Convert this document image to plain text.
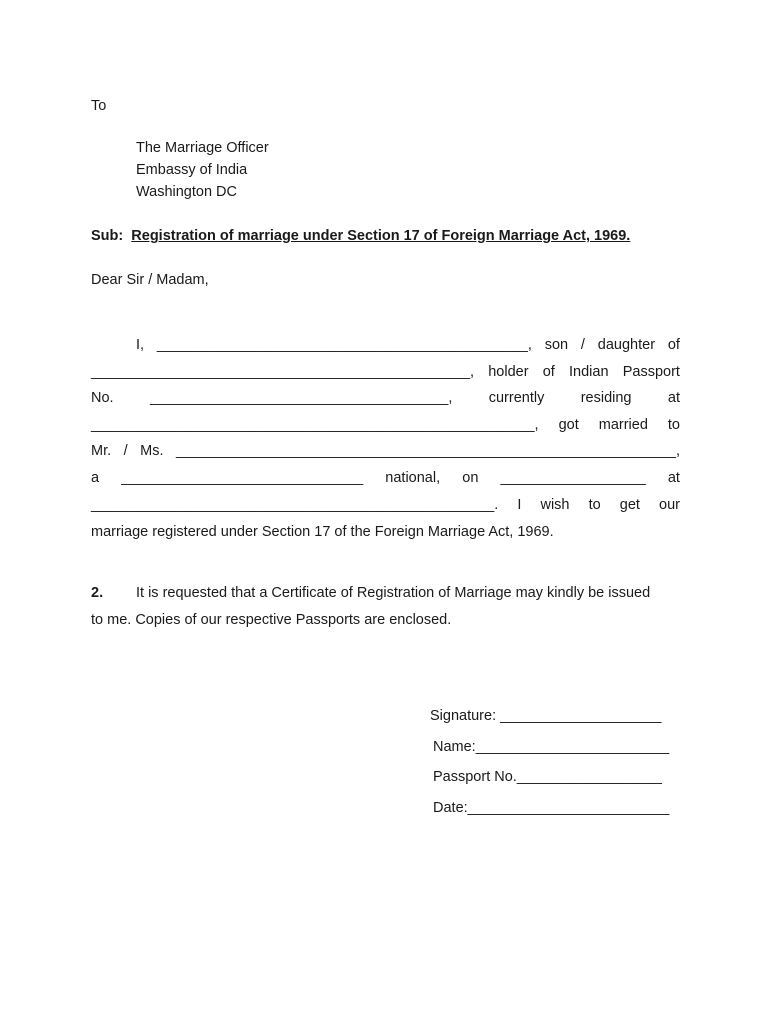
To
The Marriage Officer
Embassy of India
Washington DC
Sub: Registration of marriage under Section 17 of Foreign Marriage Act, 1969.
Dear Sir / Madam,
I, ______________________________________________, son / daughter of
_______________________________________________, holder of Indian Passport
No.	_____________________________________,	currently	residing	at
_______________________________________________________, got married to
Mr. / Ms. ______________________________________________________________,
a ______________________________ national, on __________________ at
__________________________________________________. I wish to get our
marriage registered under Section 17 of the Foreign Marriage Act, 1969.
2. It is requested that a Certificate of Registration of Marriage may kindly be issued
to me. Copies of our respective Passports are enclosed.
Signature: ____________________
Name:________________________
Passport No.__________________
Date:_________________________
